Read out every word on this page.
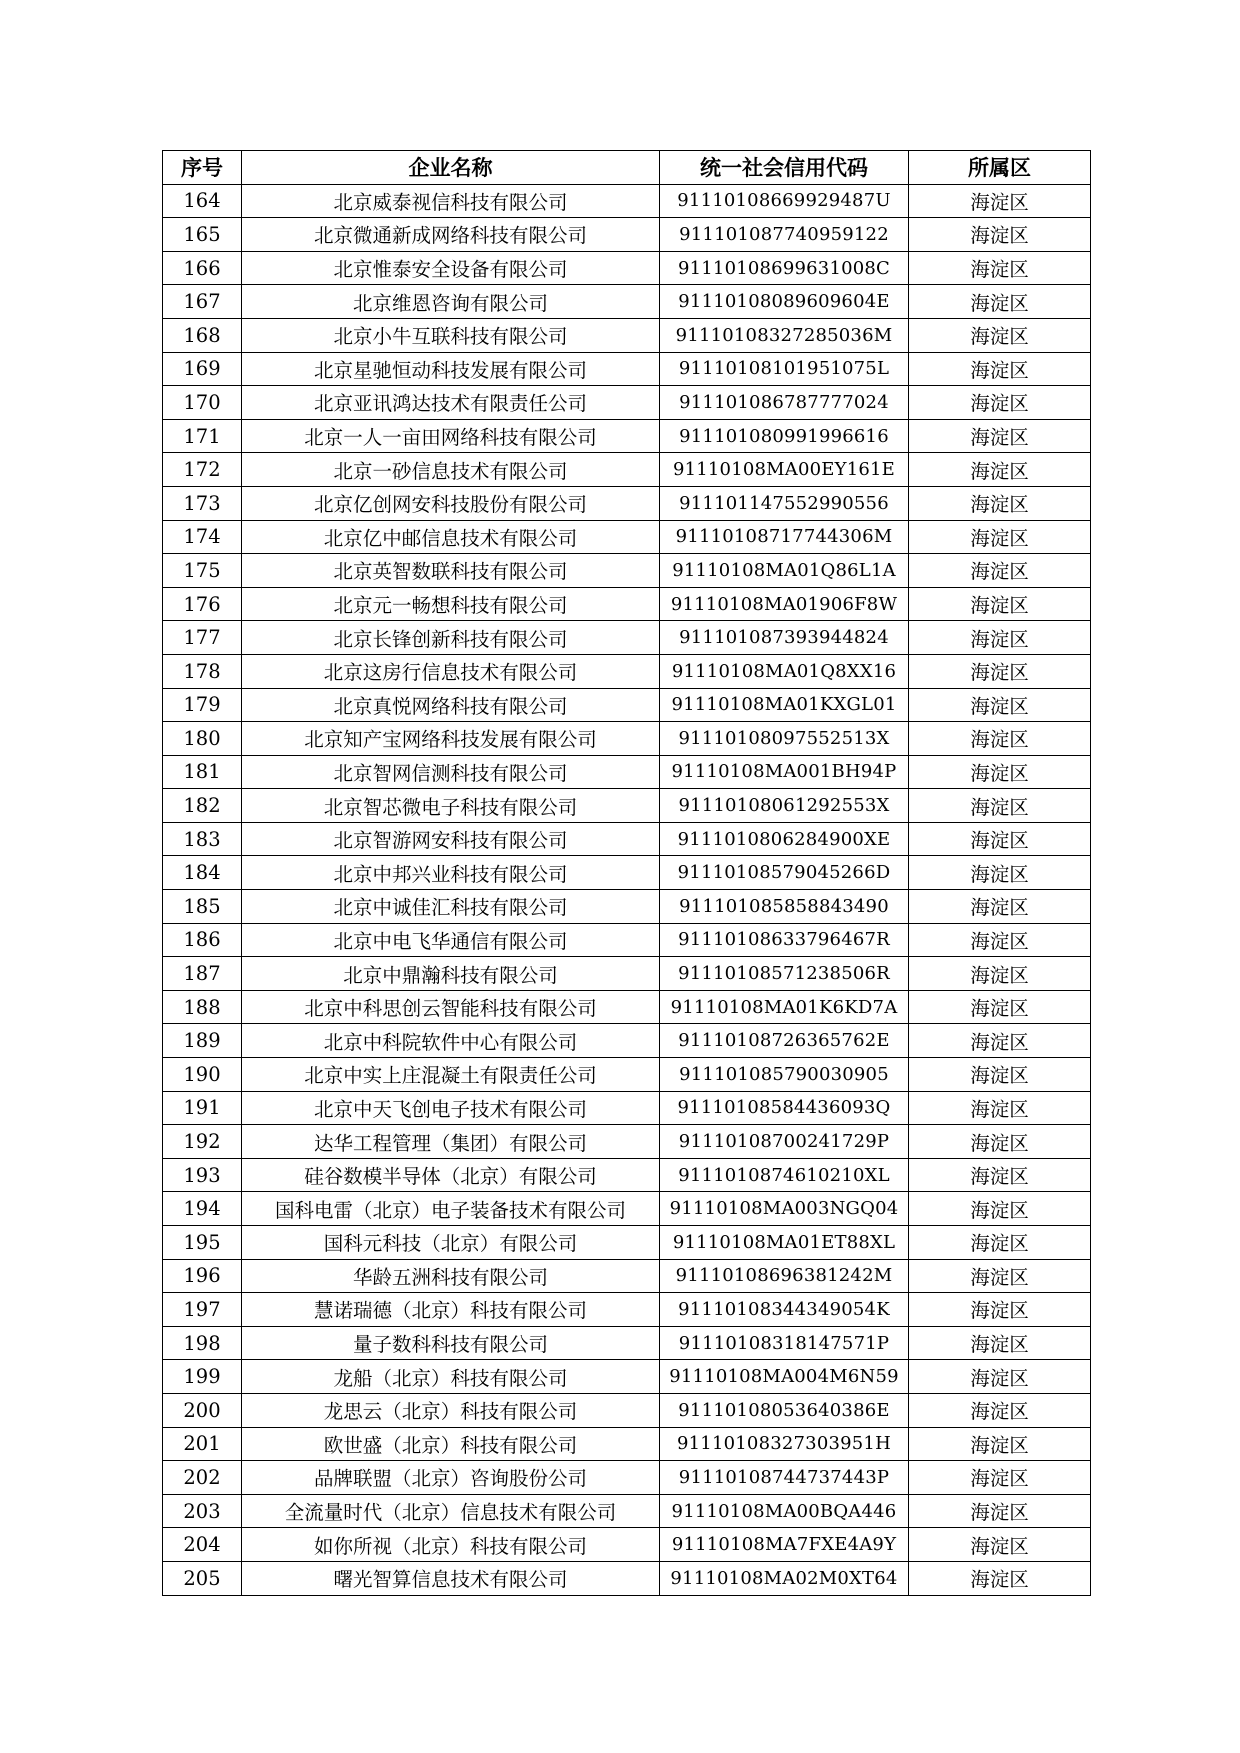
序号	企业名称	统一社会信用代码	所属区
164	北京威泰视信科技有限公司	91110108669929487U	海淀区
165	北京微通新成网络科技有限公司	911101087740959122	海淀区
166	北京惟泰安全设备有限公司	91110108699631008C	海淀区
167	北京维恩咨询有限公司	91110108089609604E	海淀区
168	北京小牛互联科技有限公司	91110108327285036M	海淀区
169	北京星驰恒动科技发展有限公司	91110108101951075L	海淀区
170	北京亚讯鸿达技术有限责任公司	911101086787777024	海淀区
171	北京一人一亩田网络科技有限公司	911101080991996616	海淀区
172	北京一砂信息技术有限公司	91110108MA00EY161E	海淀区
173	北京亿创网安科技股份有限公司	911101147552990556	海淀区
174	北京亿中邮信息技术有限公司	91110108717744306M	海淀区
175	北京英智数联科技有限公司	91110108MA01Q86L1A	海淀区
176	北京元一畅想科技有限公司	91110108MA01906F8W	海淀区
177	北京长锋创新科技有限公司	911101087393944824	海淀区
178	北京这房行信息技术有限公司	91110108MA01Q8XX16	海淀区
179	北京真悦网络科技有限公司	91110108MA01KXGL01	海淀区
180	北京知产宝网络科技发展有限公司	91110108097552513X	海淀区
181	北京智网信测科技有限公司	91110108MA001BH94P	海淀区
182	北京智芯微电子科技有限公司	91110108061292553X	海淀区
183	北京智游网安科技有限公司	9111010806284900XE	海淀区
184	北京中邦兴业科技有限公司	91110108579045266D	海淀区
185	北京中诚佳汇科技有限公司	911101085858843490	海淀区
186	北京中电飞华通信有限公司	91110108633796467R	海淀区
187	北京中鼎瀚科技有限公司	91110108571238506R	海淀区
188	北京中科思创云智能科技有限公司	91110108MA01K6KD7A	海淀区
189	北京中科院软件中心有限公司	91110108726365762E	海淀区
190	北京中实上庄混凝土有限责任公司	911101085790030905	海淀区
191	北京中天飞创电子技术有限公司	91110108584436093Q	海淀区
192	达华工程管理（集团）有限公司	91110108700241729P	海淀区
193	硅谷数模半导体（北京）有限公司	9111010874610210XL	海淀区
194	国科电雷（北京）电子装备技术有限公司	91110108MA003NGQ04	海淀区
195	国科元科技（北京）有限公司	91110108MA01ET88XL	海淀区
196	华龄五洲科技有限公司	91110108696381242M	海淀区
197	慧诺瑞德（北京）科技有限公司	91110108344349054K	海淀区
198	量子数科科技有限公司	91110108318147571P	海淀区
199	龙船（北京）科技有限公司	91110108MA004M6N59	海淀区
200	龙思云（北京）科技有限公司	91110108053640386E	海淀区
201	欧世盛（北京）科技有限公司	91110108327303951H	海淀区
202	品牌联盟（北京）咨询股份公司	91110108744737443P	海淀区
203	全流量时代（北京）信息技术有限公司	91110108MA00BQA446	海淀区
204	如你所视（北京）科技有限公司	91110108MA7FXE4A9Y	海淀区
205	曙光智算信息技术有限公司	91110108MA02M0XT64	海淀区
